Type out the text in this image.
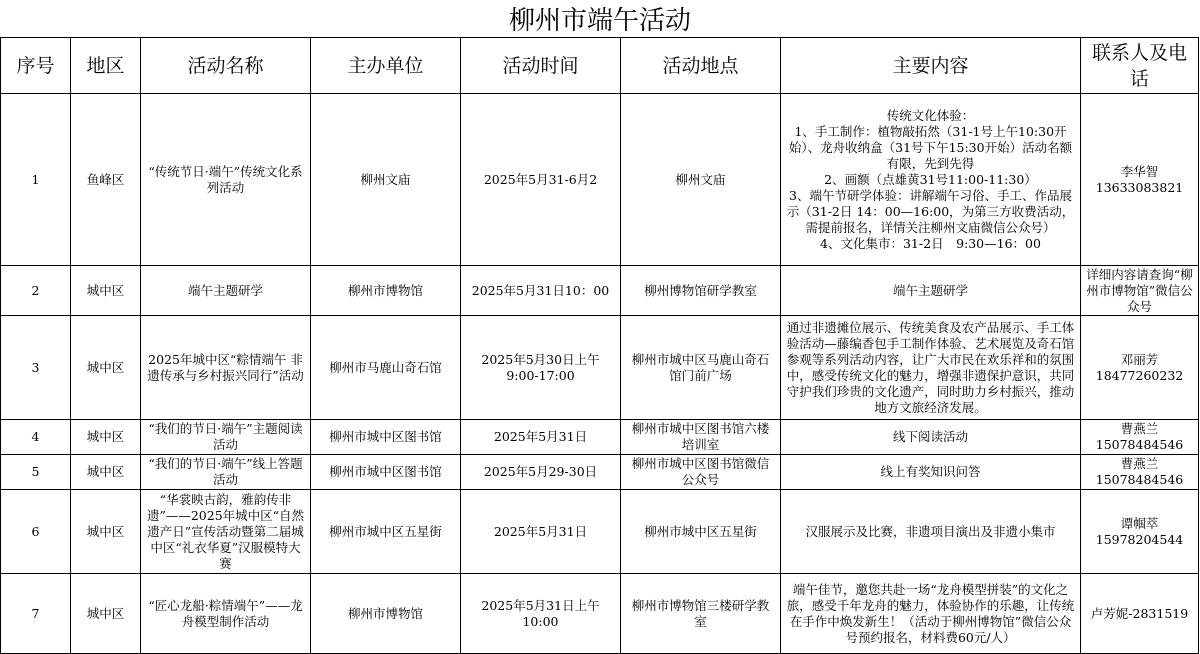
柳州市端午活动
序号	地区	活动名称	主办单位	活动时间	活动地点	主要内容	联系人及电话
1	鱼峰区	“传统节日·端午”传统文化系列活动	柳州文庙	2025年5月31-6月2	柳州文庙	传统文化体验：
1、手工制作：植物敲拓然（31-1号上午10:30开始）、龙舟收纳盒（31号下午15:30开始）活动名额有限，先到先得
2、画额（点雄黄31号11:00-11:30）
3、端午节研学体验：讲解端午习俗、手工、作品展示（31-2日 14：00—16:00，为第三方收费活动，需提前报名，详情关注柳州文庙微信公众号）
4、文化集市：31-2日　9:30—16：00	李华智
13633083821

2	城中区	端午主题研学	柳州市博物馆	2025年5月31日10：00	柳州博物馆研学教室	端午主题研学	详细内容请查询“柳州市博物馆”微信公众号
3	城中区	2025年城中区“粽情端午 非遗传承与乡村振兴同行”活动	柳州市马鹿山奇石馆	2025年5月30日上午9:00-17:00	柳州市城中区马鹿山奇石馆门前广场	通过非遗摊位展示、传统美食及农产品展示、手工体验活动—藤编香包手工制作体验、艺术展览及奇石馆参观等系列活动内容，让广大市民在欢乐祥和的氛围中，感受传统文化的魅力，增强非遗保护意识，共同守护我们珍贵的文化遗产，同时助力乡村振兴，推动地方文旅经济发展。	邓丽芳
18477260232

4	城中区	“我们的节日·端午”主题阅读活动	柳州市城中区图书馆	2025年5月31日	柳州市城中区图书馆六楼培训室	线下阅读活动	曹燕兰
15078484546

5	城中区	“我们的节日·端午”线上答题活动	柳州市城中区图书馆	2025年5月29-30日	柳州市城中区图书馆微信公众号	线上有奖知识问答	曹燕兰
15078484546

6	城中区	“华裳映古韵，雅韵传非遗”——2025年城中区“自然遗产日”宣传活动暨第二届城中区“礼衣华夏”汉服模特大赛	柳州市城中区五星街	2025年5月31日	柳州市城中区五星街	汉服展示及比赛，非遗项目演出及非遗小集市	谭帼萃
15978204544

7	城中区	“匠心龙船·粽情端午”——龙舟模型制作活动	柳州市博物馆	2025年5月31日上午10:00	柳州市博物馆三楼研学教室	端午佳节，邀您共赴一场“龙舟模型拼装”的文化之旅，感受千年龙舟的魅力，体验协作的乐趣，让传统在手作中焕发新生！（活动于柳州博物馆”微信公众号预约报名，材料费60元/人）	卢芳妮-2831519
